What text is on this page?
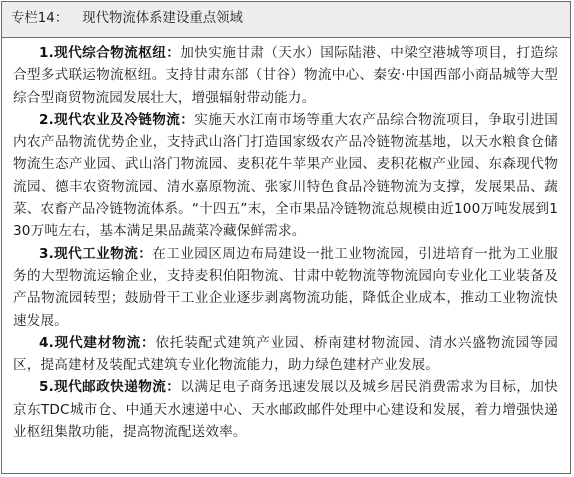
专栏14： 现代物流体系建设重点领域

1.现代综合物流枢纽：加快实施甘肃（天水）国际陆港、中梁空港城等项目，打造综合型多式联运物流枢纽。支持甘肃东部（甘谷）物流中心、秦安·中国西部小商品城等大型综合型商贸物流园发展壮大，增强辐射带动能力。

2.现代农业及冷链物流：实施天水江南市场等重大农产品综合物流项目，争取引进国内农产品物流优势企业，支持武山洛门打造国家级农产品冷链物流基地，以天水粮食仓储物流生态产业园、武山洛门物流园、麦积花牛苹果产业园、麦积花椒产业园、东森现代物流园、德丰农资物流园、清水嘉原物流、张家川特色食品冷链物流为支撑，发展果品、蔬菜、农畜产品冷链物流体系。“十四五”末，全市果品冷链物流总规模由近100万吨发展到130万吨左右，基本满足果品蔬菜冷藏保鲜需求。

3.现代工业物流：在工业园区周边布局建设一批工业物流园，引进培育一批为工业服务的大型物流运输企业，支持麦积伯阳物流、甘肃中乾物流等物流园向专业化工业装备及产品物流园转型；鼓励骨干工业企业逐步剥离物流功能，降低企业成本，推动工业物流快速发展。

4.现代建材物流：依托装配式建筑产业园、桥南建材物流园、清水兴盛物流园等园区，提高建材及装配式建筑专业化物流能力，助力绿色建材产业发展。

5.现代邮政快递物流：以满足电子商务迅速发展以及城乡居民消费需求为目标，加快京东TDC城市仓、中通天水速递中心、天水邮政邮件处理中心建设和发展，着力增强快递业枢纽集散功能，提高物流配送效率。
